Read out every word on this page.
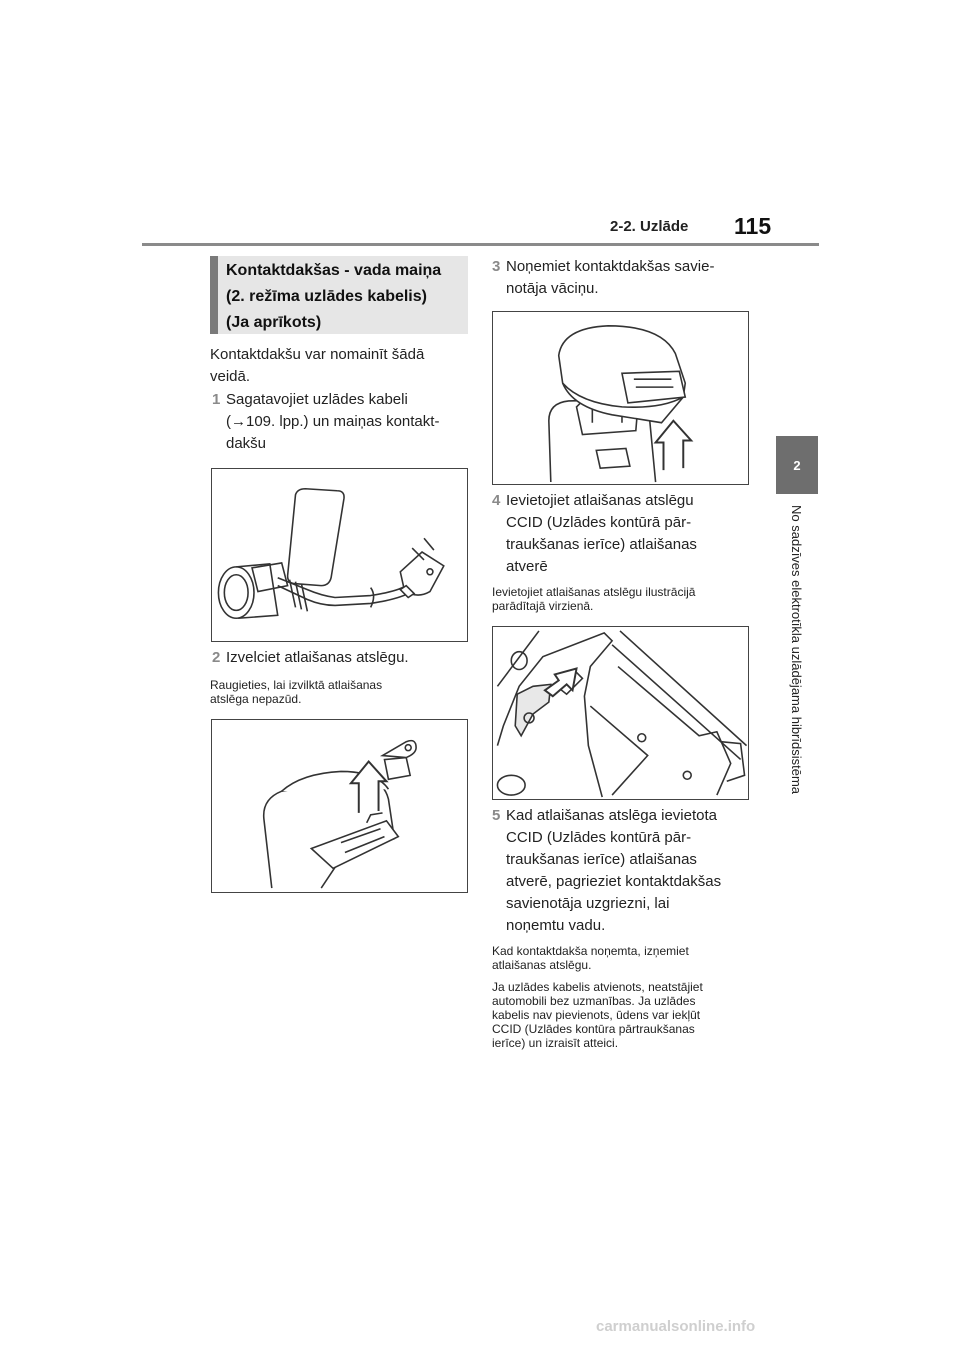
2-2. Uzlāde 115
2
No sadzīves elektrotīkla uzlādējama hibrīdsistēma
Kontaktdakšas - vada maiņa
(2. režīma uzlādes kabelis)
(Ja aprīkots)
Kontaktdakšu var nomainīt šādā
veidā.
1 Sagatavojiet uzlādes kabeli
(→109. lpp.) un maiņas kontakt-
dakšu
2 Izvelciet atlaišanas atslēgu.
Raugieties, lai izvilktā atlaišanas
atslēga nepazūd.
3 Noņemiet kontaktdakšas savie-
notāja vāciņu.
4 Ievietojiet atlaišanas atslēgu
CCID (Uzlādes kontūrā pār-
traukšanas ierīce) atlaišanas
atverē
Ievietojiet atlaišanas atslēgu ilustrācijā
parādītajā virzienā.
5 Kad atlaišanas atslēga ievietota
CCID (Uzlādes kontūrā pār-
traukšanas ierīce) atlaišanas
atverē, pagrieziet kontaktdakšas
savienotāja uzgriezni, lai
noņemtu vadu.
Kad kontaktdakša noņemta, izņemiet
atlaišanas atslēgu.
Ja uzlādes kabelis atvienots, neatstājiet
automobili bez uzmanības. Ja uzlādes
kabelis nav pievienots, ūdens var iekļūt
CCID (Uzlādes kontūra pārtraukšanas
ierīce) un izraisīt atteici.
carmanualsonline.info
